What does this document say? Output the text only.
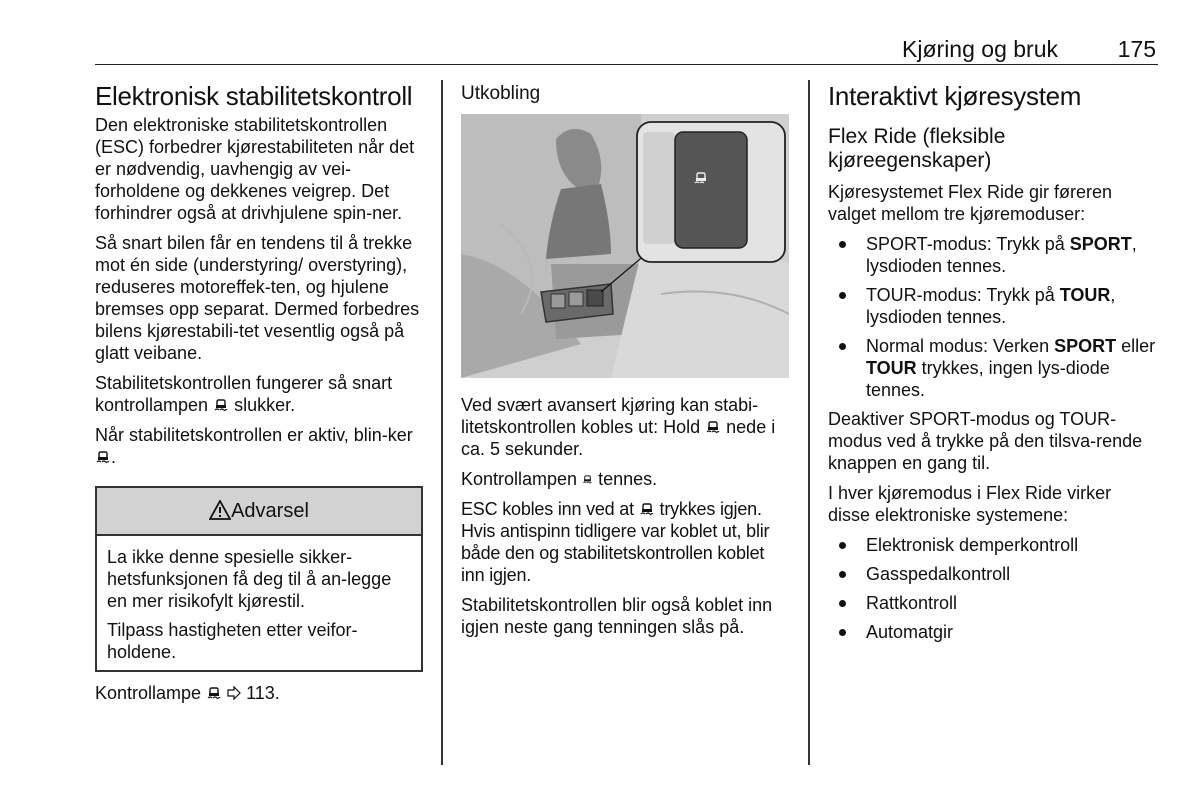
Kjøring og bruk	175
Elektronisk stabilitetskontroll

Den elektroniske stabilitetskontrollen (ESC) forbedrer kjørestabiliteten når det er nødvendig, uavhengig av vei-forholdene og dekkenes veigrep. Det forhindrer også at drivhjulene spin-ner.

Så snart bilen får en tendens til å trekke mot én side (understyring/ overstyring), reduseres motoreffek-ten, og hjulene bremses opp separat. Dermed forbedres bilens kjørestabili-tet vesentlig også på glatt veibane.

Stabilitetskontrollen fungerer så snart kontrollampen slukker.

Når stabilitetskontrollen er aktiv, blin-ker .

Advarsel

La ikke denne spesielle sikker-hetsfunksjonen få deg til å an-legge en mer risikofylt kjørestil.

Tilpass hastigheten etter veifor-holdene.

Kontrollampe	113.

Utkobling

Ved svært avansert kjøring kan stabi-litetskontrollen kobles ut: Hold nede i ca. 5 sekunder.

Kontrollampen tennes.

ESC kobles inn ved at trykkes igjen. Hvis antispinn tidligere var koblet ut, blir både den og stabilitetskontrollen koblet inn igjen.

Stabilitetskontrollen blir også koblet inn igjen neste gang tenningen slås på.

Interaktivt kjøresystem
Flex Ride (fleksible kjøreegenskaper)

Kjøresystemet Flex Ride gir føreren valget mellom tre kjøremoduser:

SPORT-modus: Trykk på SPORT, lysdioden tennes.
TOUR-modus: Trykk på TOUR, lysdioden tennes.
Normal modus: Verken SPORT eller TOUR trykkes, ingen lys-diode tennes.

Deaktiver SPORT-modus og TOUR-modus ved å trykke på den tilsva-rende knappen en gang til.

I hver kjøremodus i Flex Ride virker disse elektroniske systemene:

Elektronisk demperkontroll
Gasspedalkontroll
Rattkontroll
Automatgir
